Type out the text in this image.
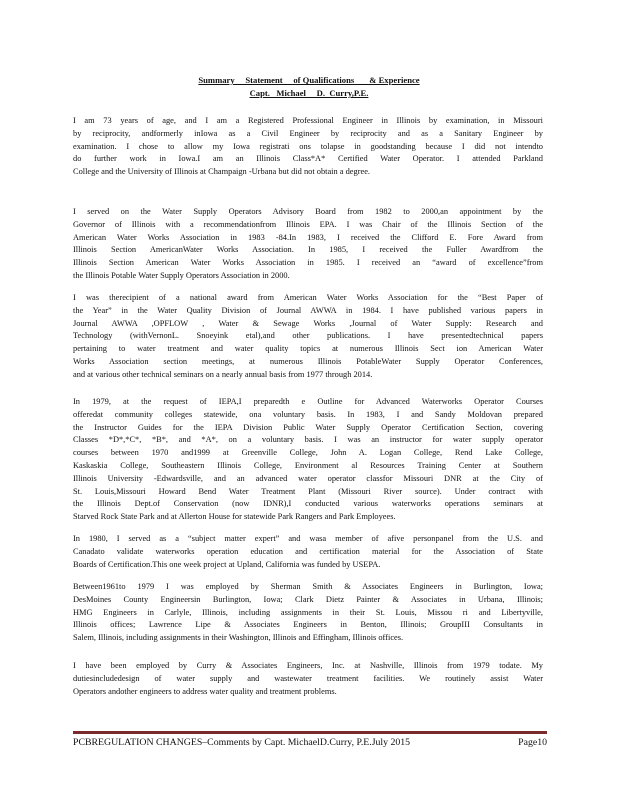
Summary     Statement     of Qualifications       & Experience
Capt.   Michael     D.  Curry,P.E.
I am 73 years of age, and I am a Registered Professional Engineer in Illinois by examination, in Missouri
by reciprocity, andformerly inIowa as a Civil Engineer by reciprocity and as a Sanitary Engineer by
examination. I chose to allow my Iowa registrati ons tolapse in goodstanding because I did not intendto
do further work in Iowa.I am an Illinois Class*A* Certified Water Operator. I attended Parkland
College and the University of Illinois at Champaign -Urbana but did not obtain a degree.
I served on the Water Supply Operators Advisory Board from 1982 to 2000,an appointment by the
Governor of Illinois with a recommendationfrom Illinois EPA. I was Chair of the Illinois Section of the
American Water Works Association in 1983 -84.In 1983, I received the Clifford E. Fore Award from
Illinois Section AmericanWater Works Association. In 1985, I received the Fuller Awardfrom the
Illinois Section American Water Works Association in 1985. I received an “award of excellence”from
the Illinois Potable Water Supply Operators Association in 2000.
I was therecipient of a national award from American Water Works Association for the “Best Paper of
the Year” in the Water Quality Division of Journal AWWA in 1984. I have published various papers in
Journal AWWA ,OPFLOW , Water & Sewage Works ,Journal of Water Supply: Research and
Technology (withVernonL. Snoeyink etal),and other publications. I have presentedtechnical papers
pertaining to water treatment and water quality topics at numerous Illinois Sect ion American Water
Works Association section meetings, at numerous Illinois PotableWater Supply Operator Conferences,
and at various other technical seminars on a nearly annual basis from 1977 through 2014.
In 1979, at the request of IEPA,I preparedth e Outline for Advanced Waterworks Operator Courses
offeredat community colleges statewide, ona voluntary basis. In 1983, I and Sandy Moldovan prepared
the Instructor Guides for the IEPA Division Public Water Supply Operator Certification Section, covering
Classes *D*,*C*, *B*, and *A*, on a voluntary basis. I was an instructor for water supply operator
courses between 1970 and1999 at Greenville College, John A. Logan College, Rend Lake College,
Kaskaskia College, Southeastern Illinois College, Environment al Resources Training Center at Southern
Illinois University -Edwardsville, and an advanced water operator classfor Missouri DNR at the City of
St. Louis,Missouri Howard Bend Water Treatment Plant (Missouri River source). Under contract with
the Illinois Dept.of Conservation (now IDNR),I conducted various waterworks operations seminars at
Starved Rock State Park and at Allerton House for statewide Park Rangers and Park Employees.
In 1980, I served as a “subject matter expert” and wasa member of afive personpanel from the U.S. and
Canadato validate waterworks operation education and certification material for the Association of State
Boards of Certification.This one week project at Upland, California was funded by USEPA.
Between1961to 1979 I was employed by Sherman Smith & Associates Engineers in Burlington, Iowa;
DesMoines County Engineersin Burlington, Iowa; Clark Dietz Painter & Associates in Urbana, Illinois;
HMG Engineers in Carlyle, Illinois, including assignments in their St. Louis, Missou ri and Libertyville,
Illinois offices; Lawrence Lipe & Associates Engineers in Benton, Illinois; GroupIII Consultants in
Salem, Illinois, including assignments in their Washington, Illinois and Effingham, Illinois offices.
I have been employed by Curry & Associates Engineers, Inc. at Nashville, Illinois from 1979 todate. My
dutiesincludedesign of water supply and wastewater treatment facilities. We routinely assist Water
Operators andother engineers to address water quality and treatment problems.
PCBREGULATION CHANGES–Comments by Capt. MichaelD.Curry, P.E.July 2015	Page10
